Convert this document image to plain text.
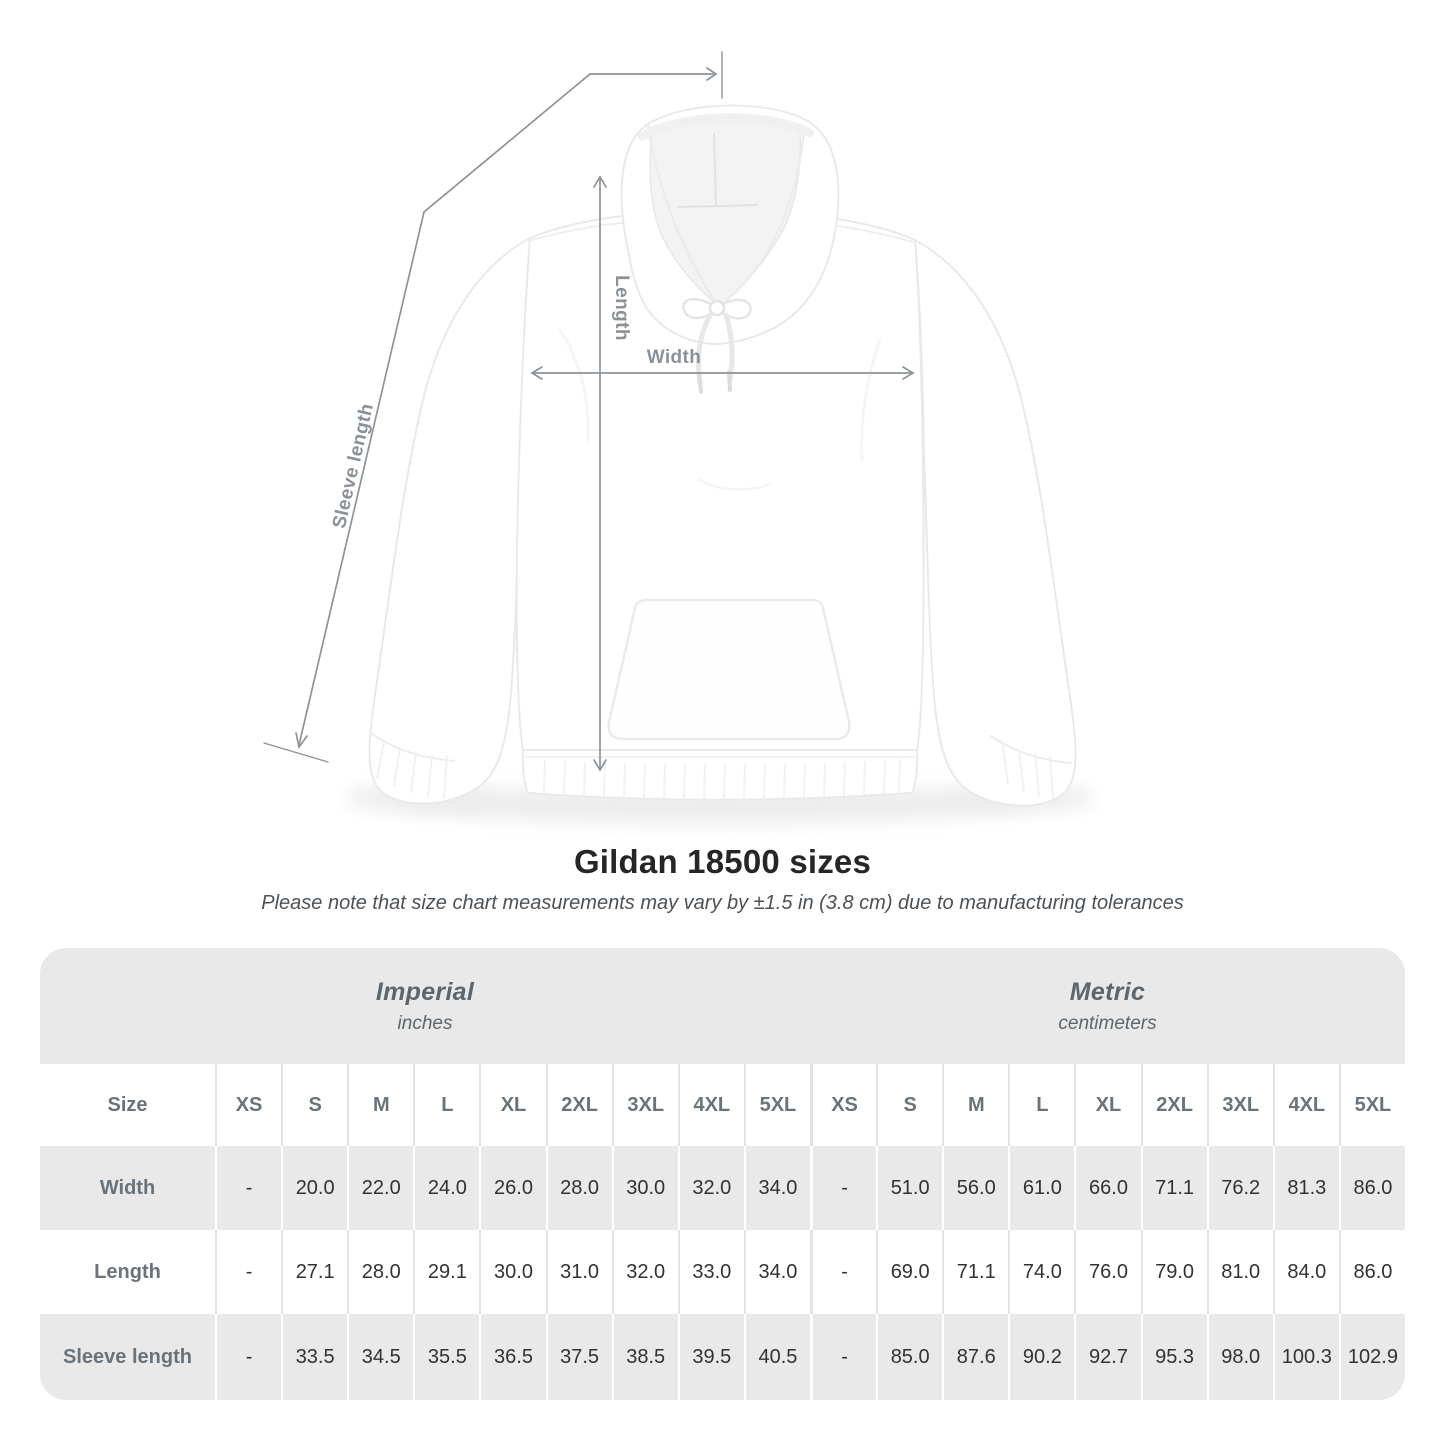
Width
Length
Sleeve length
Gildan 18500 sizes
Please note that size chart measurements may vary by ±1.5 in (3.8 cm) due to manufacturing tolerances
Imperial
inches
Metric
centimeters
Size	XS	S	M	L	XL	2XL	3XL	4XL	5XL	XS	S	M	L	XL	2XL	3XL	4XL	5XL
Width	-	20.0	22.0	24.0	26.0	28.0	30.0	32.0	34.0	-	51.0	56.0	61.0	66.0	71.1	76.2	81.3	86.0
Length	-	27.1	28.0	29.1	30.0	31.0	32.0	33.0	34.0	-	69.0	71.1	74.0	76.0	79.0	81.0	84.0	86.0
Sleeve length	-	33.5	34.5	35.5	36.5	37.5	38.5	39.5	40.5	-	85.0	87.6	90.2	92.7	95.3	98.0	100.3 102.9
